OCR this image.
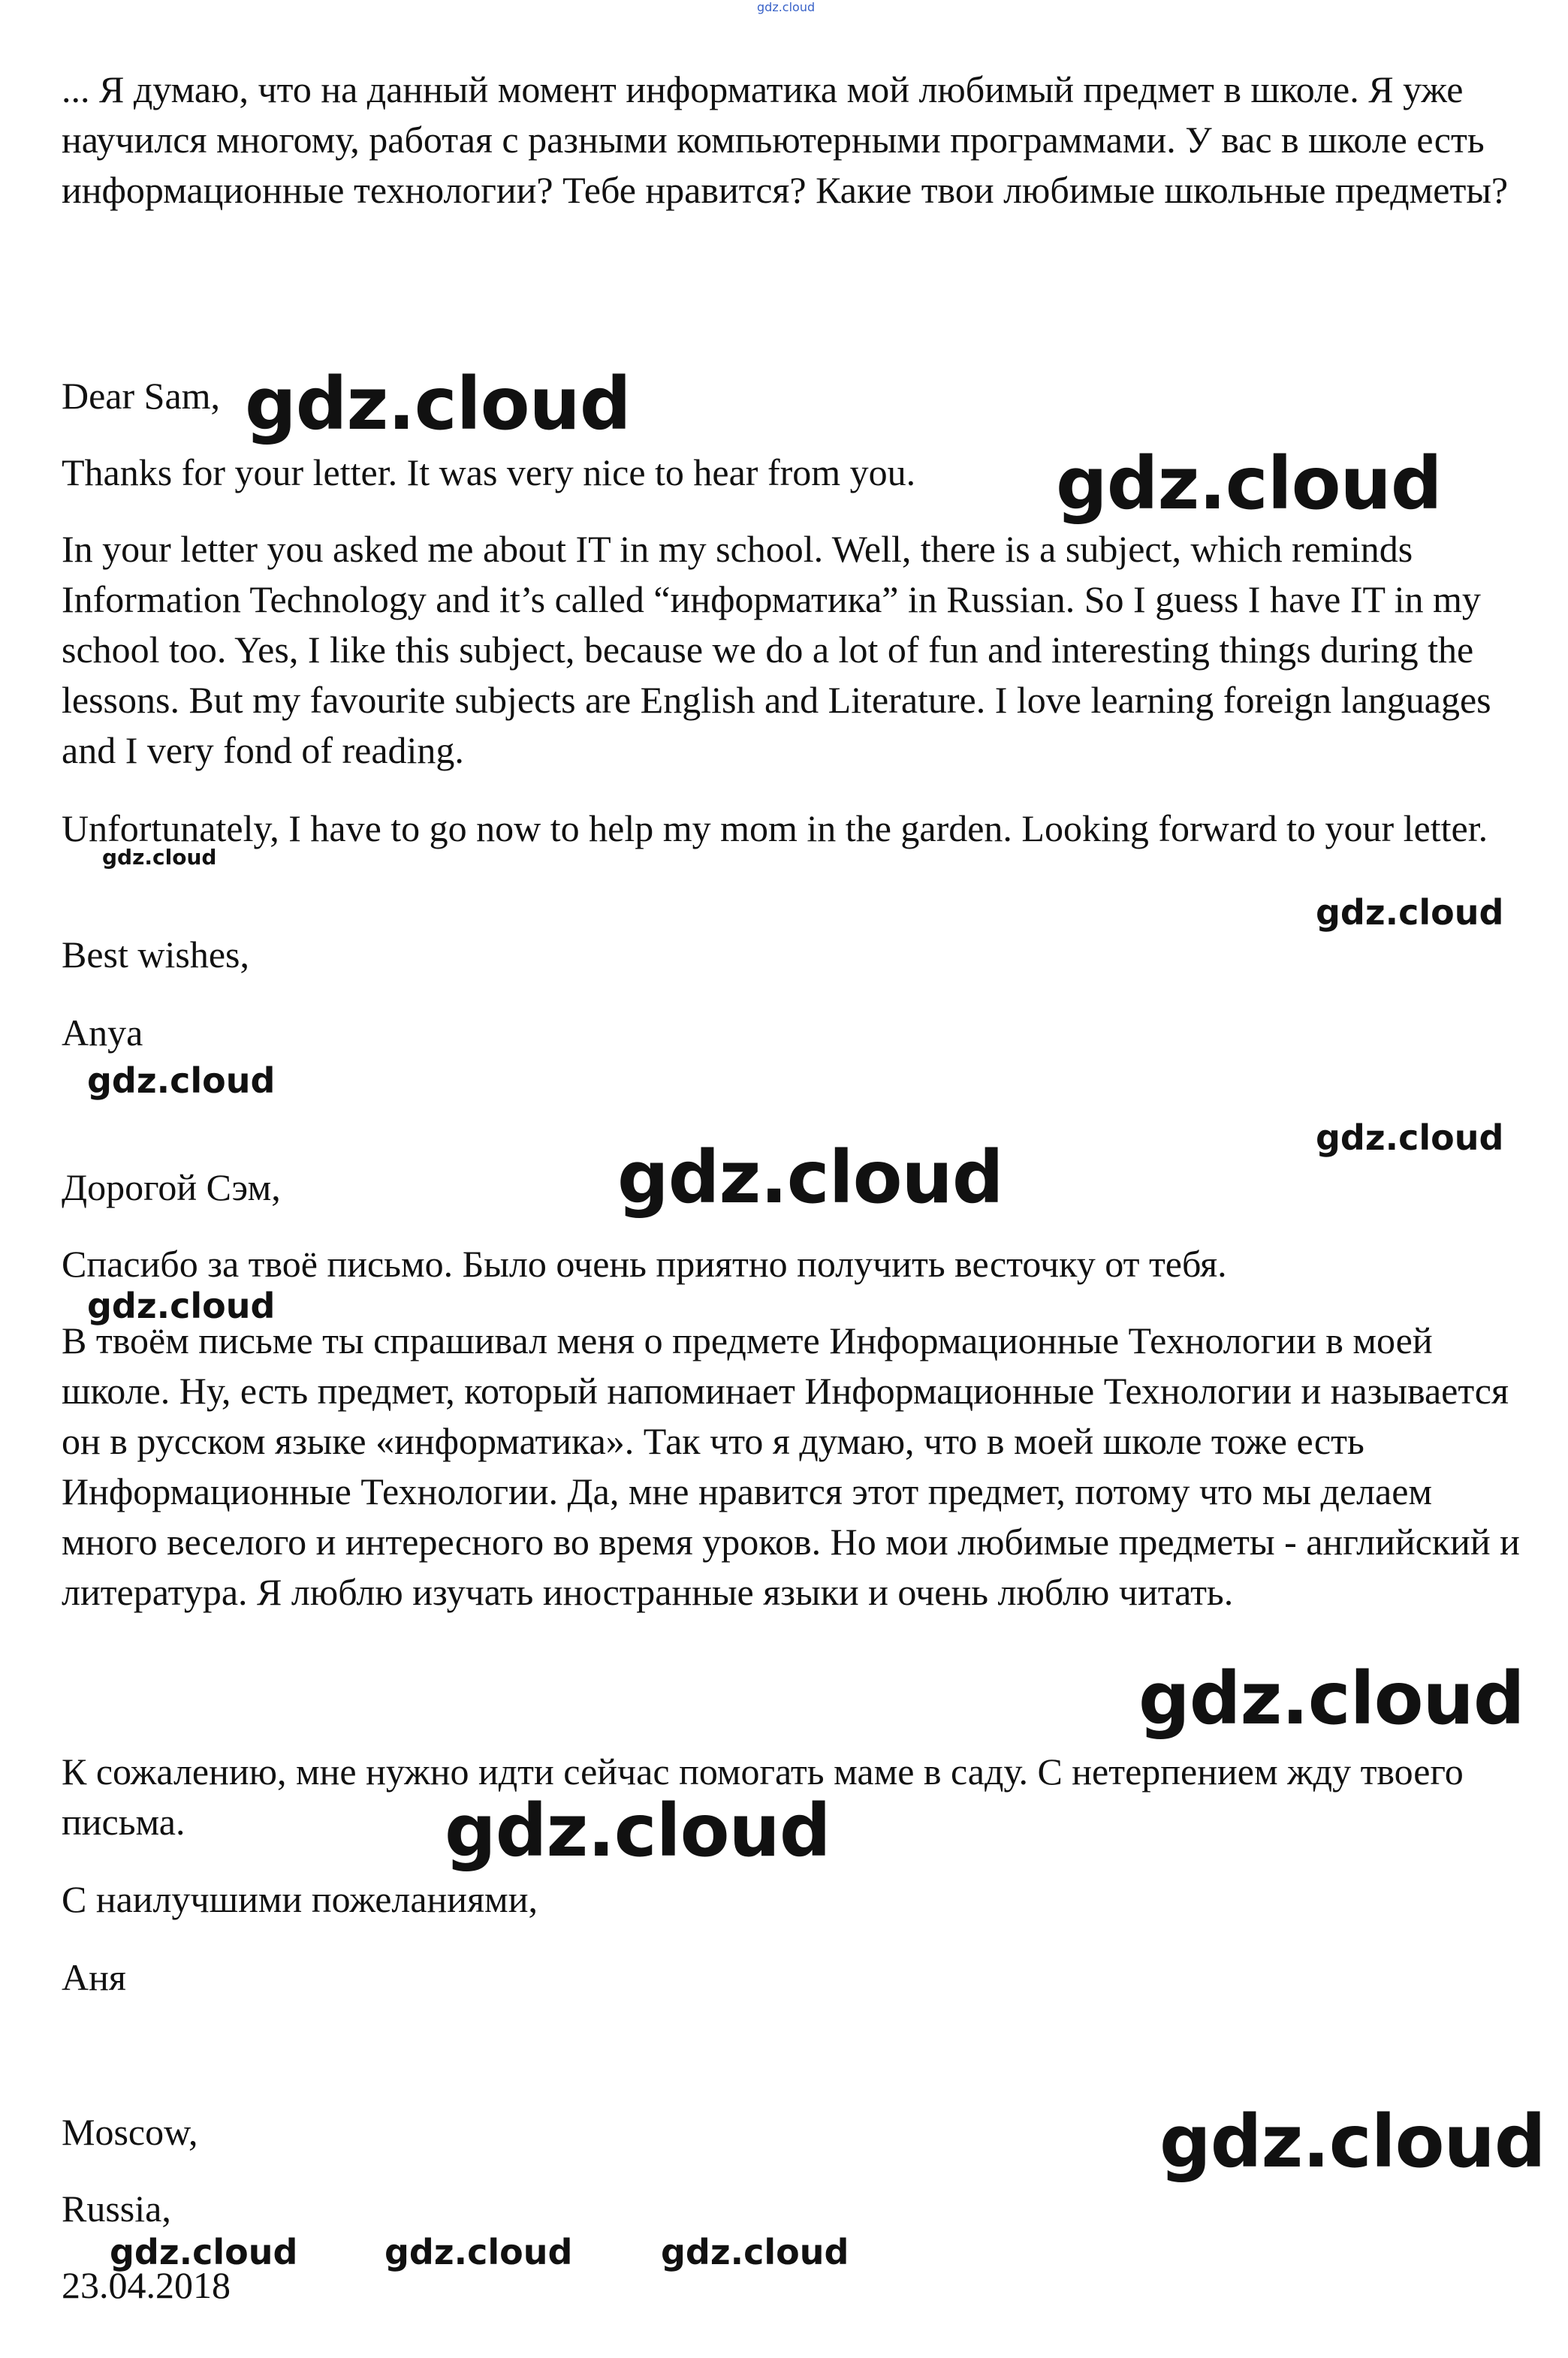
gdz.cloud

... Я думаю, что на данный момент информатика мой любимый предмет в школе. Я уже научился многому, работая с разными компьютерными программами. У вас в школе есть информационные технологии? Тебе нравится? Какие твои любимые школьные предметы?

Dear Sam,

Thanks for your letter. It was very nice to hear from you.

In your letter you asked me about IT in my school. Well, there is a subject, which reminds Information Technology and it’s called “информатика” in Russian. So I guess I have IT in my school too. Yes, I like this subject, because we do a lot of fun and interesting things during the lessons. But my favourite subjects are English and Literature. I love learning foreign languages and I very fond of reading.

Unfortunately, I have to go now to help my mom in the garden. Looking forward to your letter.

Best wishes,

Anya

Дорогой Сэм,

Спасибо за твоё письмо. Было очень приятно получить весточку от тебя.

В твоём письме ты спрашивал меня о предмете Информационные Технологии в моей школе. Ну, есть предмет, который напоминает Информационные Технологии и называется он в русском языке «информатика». Так что я думаю, что в моей школе тоже есть Информационные Технологии. Да, мне нравится этот предмет, потому что мы делаем много веселого и интересного во время уроков. Но мои любимые предметы - английский и литература. Я люблю изучать иностранные языки и очень люблю читать.

К сожалению, мне нужно идти сейчас помогать маме в саду. С нетерпением жду твоего письма.

С наилучшими пожеланиями,

Аня

Moscow,

Russia,

23.04.2018

gdz.cloud
gdz.cloud
gdz.cloud
gdz.cloud
gdz.cloud
gdz.cloud
gdz.cloud
gdz.cloud
gdz.cloud
gdz.cloud
gdz.cloud
gdz.cloud	gdz.cloud	gdz.cloud
